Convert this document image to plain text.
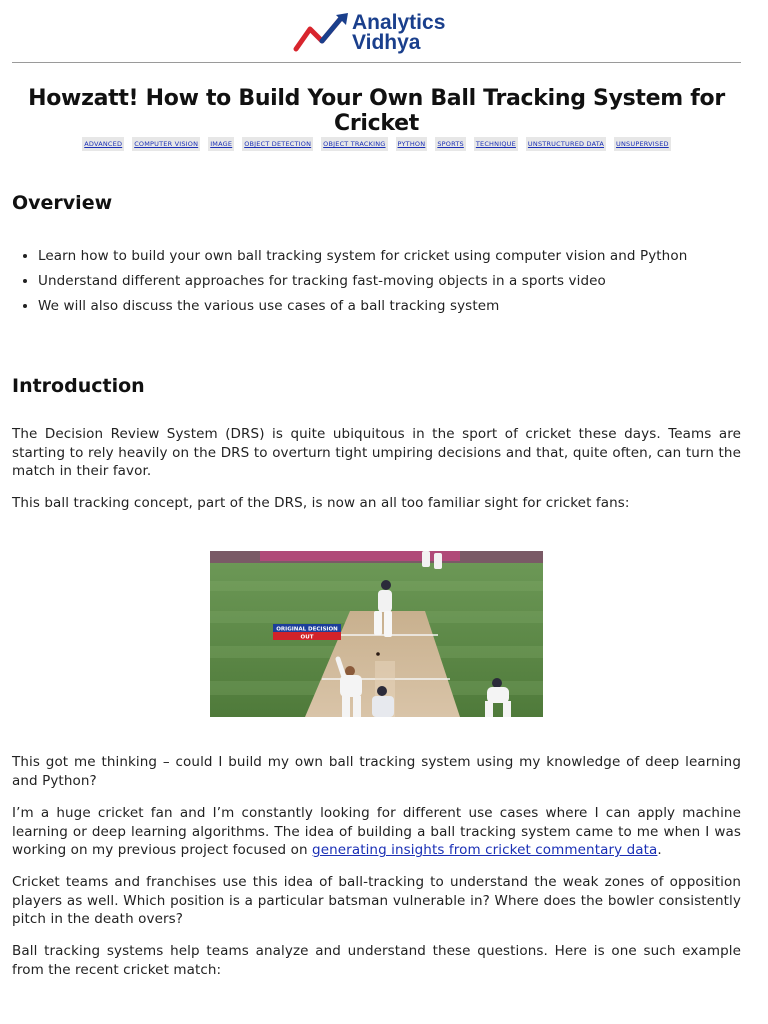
Analytics
Vidhya
Howzatt! How to Build Your Own Ball Tracking System for Cricket
ADVANCED	COMPUTER VISION	IMAGE	OBJECT DETECTION	OBJECT TRACKING	PYTHON	SPORTS	TECHNIQUE	UNSTRUCTURED DATA	UNSUPERVISED
Overview
• Learn how to build your own ball tracking system for cricket using computer vision and Python
• Understand different approaches for tracking fast-moving objects in a sports video
• We will also discuss the various use cases of a ball tracking system
Introduction

The Decision Review System (DRS) is quite ubiquitous in the sport of cricket these days. Teams are starting to rely heavily on the DRS to overturn tight umpiring decisions and that, quite often, can turn the match in their favor.

This ball tracking concept, part of the DRS, is now an all too familiar sight for cricket fans:

ORIGINAL DECISION
OUT

This got me thinking – could I build my own ball tracking system using my knowledge of deep learning and Python?

I’m a huge cricket fan and I’m constantly looking for different use cases where I can apply machine learning or deep learning algorithms. The idea of building a ball tracking system came to me when I was working on my previous project focused on generating insights from cricket commentary data.

Cricket teams and franchises use this idea of ball-tracking to understand the weak zones of opposition players as well. Which position is a particular batsman vulnerable in? Where does the bowler consistently pitch in the death overs?

Ball tracking systems help teams analyze and understand these questions. Here is one such example from the recent cricket match:
